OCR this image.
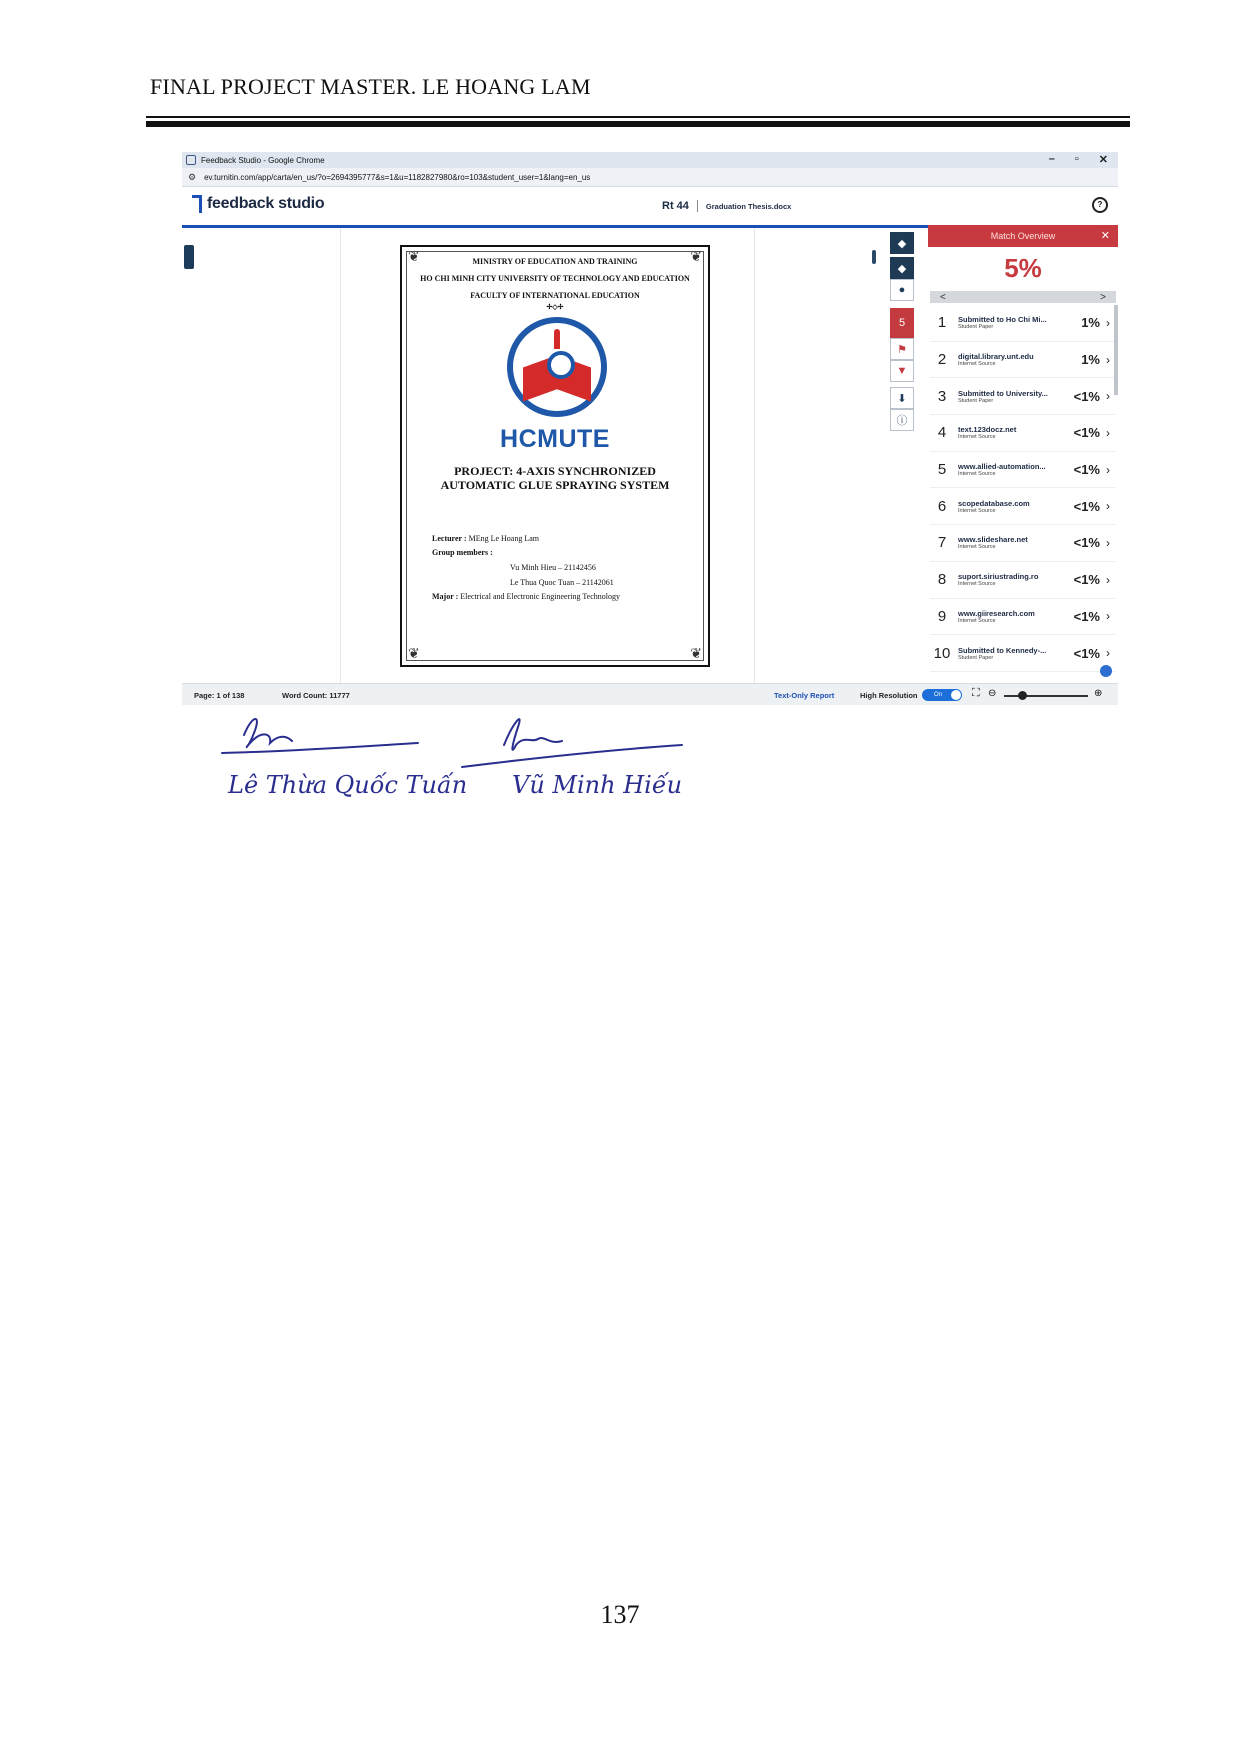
FINAL PROJECT MASTER. LE HOANG LAM
Feedback Studio - Google Chrome	– ▫ ✕
⚙ ev.turnitin.com/app/carta/en_us/?o=2694395777&s=1&u=1182827980&ro=103&student_user=1&lang=en_us
feedback studio	Rt 44 Graduation Thesis.docx	?
❦	❦
❦	❦
MINISTRY OF EDUCATION AND TRAINING
HO CHI MINH CITY UNIVERSITY OF TECHNOLOGY AND EDUCATION
FACULTY OF INTERNATIONAL EDUCATION
✢◇✢
HCMUTE
PROJECT: 4-AXIS SYNCHRONIZED
AUTOMATIC GLUE SPRAYING SYSTEM
Lecturer : MEng Le Hoang Lam
Group members :
Vu Minh Hieu – 21142456
Le Thua Quoc Tuan – 21142061
Major : Electrical and Electronic Engineering Technology
◆
◆
●
5
⚑
▼
⬇
ⓘ
Match Overview	✕
5%
<	>
1	Submitted to Ho Chi Mi...
Student Paper	1% ›
2	digital.library.unt.edu
Internet Source	1% ›
3	Submitted to University...
Student Paper	<1% ›
4	text.123docz.net
Internet Source	<1% ›
5	www.allied-automation...
Internet Source	<1% ›
6	scopedatabase.com
Internet Source	<1% ›
7	www.slideshare.net
Internet Source	<1% ›
8	suport.siriustrading.ro
Internet Source	<1% ›
9	www.giiresearch.com
Internet Source	<1% ›
10	Submitted to Kennedy-...
Student Paper	<1% ›
Page: 1 of 138	Word Count: 11777	Text-Only Report	High Resolution	On	⛶ ⊖	⊕
Lê Thừa Quốc Tuấn Vũ Minh Hiếu
137
